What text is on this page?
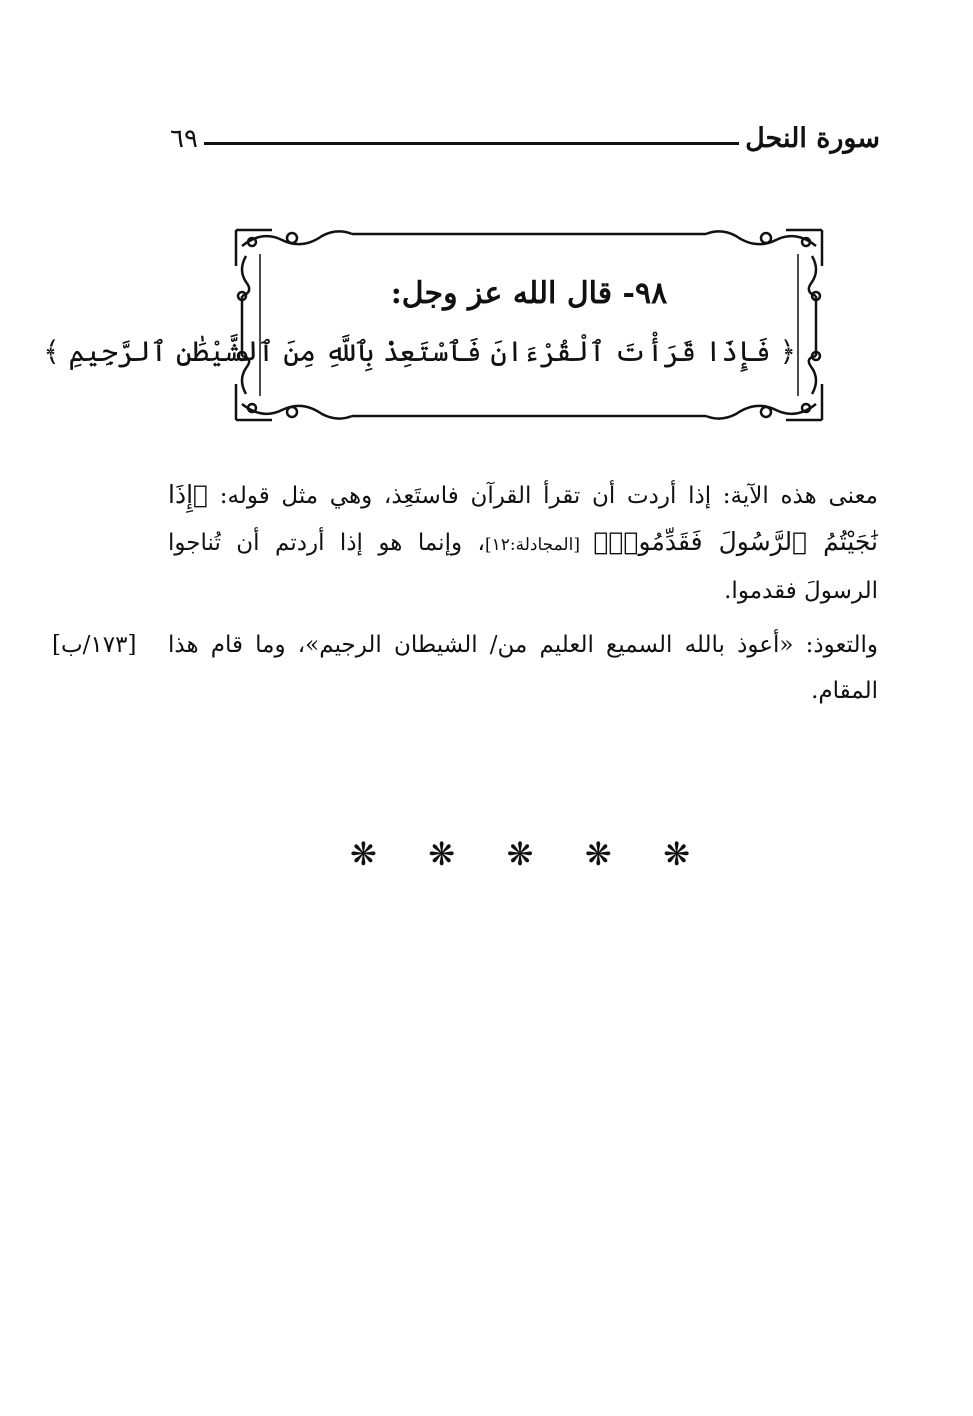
سورة النحل
٦٩
٩٨- قال الله عز وجل:
﴿ فَإِذَا قَرَأْتَ ٱلْقُرْءَانَ فَٱسْتَعِذْ بِٱللَّهِ مِنَ ٱلشَّيْطَٰنِ ٱلرَّجِيمِ ﴾

معنى هذه الآية: إذا أردت أن تقرأ القرآن فاستَعِذ، وهي مثل قوله: ﴿إِذَا نَٰجَيْتُمُ ٱلرَّسُولَ فَقَدِّمُوا۟﴾ [المجادلة:١٢]، وإنما هو إذا أردتم أن تُناجوا الرسولَ فقدموا.

والتعوذ: «أعوذ بالله السميع العليم من/ الشيطان الرجيم»، وما قام هذا المقام.

[١٧٣/ب]
❋ ❋ ❋ ❋ ❋
